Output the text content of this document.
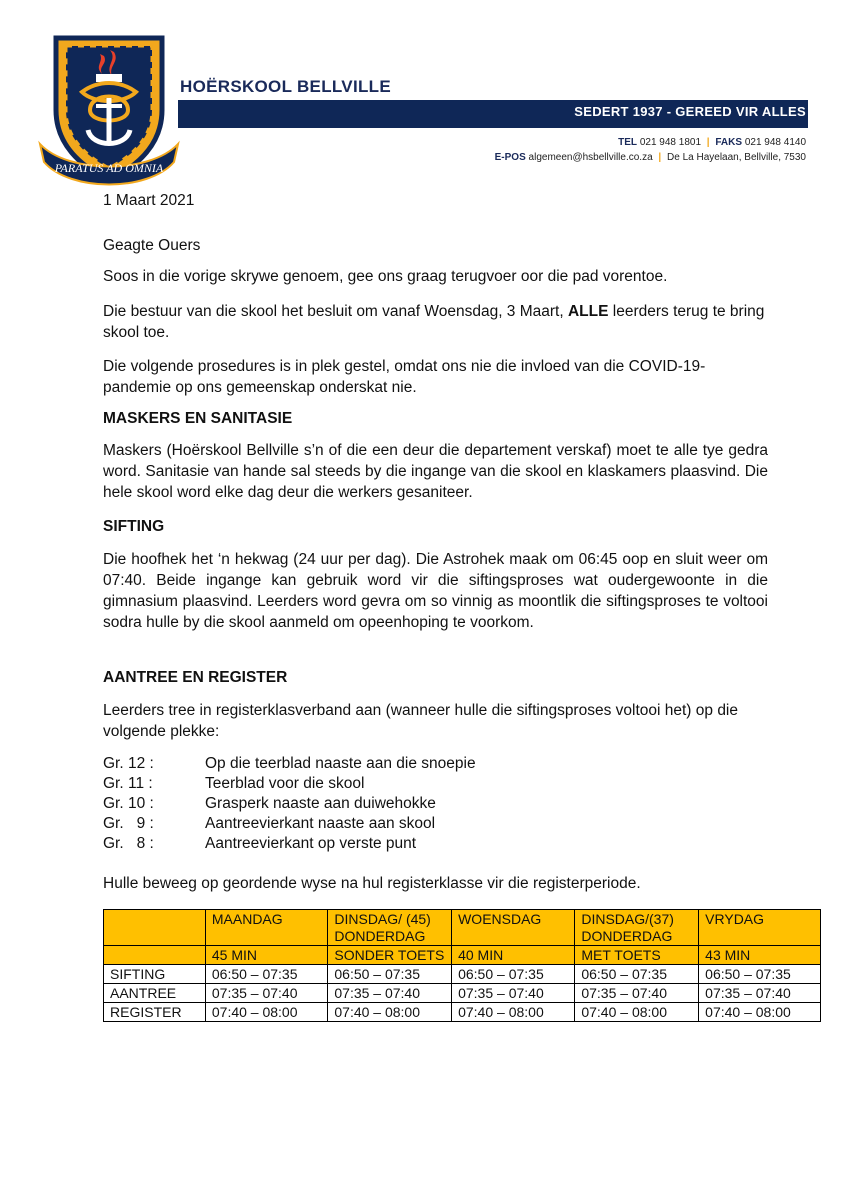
PARATUS AD OMNIA
HOËRSKOOL BELLVILLE
SEDERT 1937 - GEREED VIR ALLES
TEL 021 948 1801 | FAKS 021 948 4140
E-POS algemeen@hsbellville.co.za | De La Hayelaan, Bellville, 7530
1 Maart 2021
Geagte Ouers
Soos in die vorige skrywe genoem, gee ons graag terugvoer oor die pad vorentoe.
Die bestuur van die skool het besluit om vanaf Woensdag, 3 Maart, ALLE leerders terug te bring skool toe.
Die volgende prosedures is in plek gestel, omdat ons nie die invloed van die COVID-19-pandemie op ons gemeenskap onderskat nie.
MASKERS EN SANITASIE
Maskers (Hoërskool Bellville s’n of die een deur die departement verskaf) moet te alle tye gedra word. Sanitasie van hande sal steeds by die ingange van die skool en klaskamers plaasvind. Die hele skool word elke dag deur die werkers gesaniteer.
SIFTING
Die hoofhek het ‘n hekwag (24 uur per dag). Die Astrohek maak om 06:45 oop en sluit weer om 07:40. Beide ingange kan gebruik word vir die siftingsproses wat oudergewoonte in die gimnasium plaasvind. Leerders word gevra om so vinnig as moontlik die siftingsproses te voltooi sodra hulle by die skool aanmeld om opeenhoping te voorkom.
AANTREE EN REGISTER
Leerders tree in registerklasverband aan (wanneer hulle die siftingsproses voltooi het) op die volgende plekke:
Gr. 12 :	Op die teerblad naaste aan die snoepie
Gr. 11 :	Teerblad voor die skool
Gr. 10 :	Grasperk naaste aan duiwehokke
Gr.   9 :	Aantreevierkant naaste aan skool
Gr.   8 :	Aantreevierkant op verste punt
Hulle beweeg op geordende wyse na hul registerklasse vir die registerperiode.
	MAANDAG	DINSDAG/ (45) DONDERDAG	WOENSDAG	DINSDAG/(37) DONDERDAG	VRYDAG
	45 MIN	SONDER TOETS	40 MIN	MET TOETS	43 MIN
SIFTING	06:50 – 07:35	06:50 – 07:35	06:50 – 07:35	06:50 – 07:35	06:50 – 07:35
AANTREE	07:35 – 07:40	07:35 – 07:40	07:35 – 07:40	07:35 – 07:40	07:35 – 07:40
REGISTER	07:40 – 08:00	07:40 – 08:00	07:40 – 08:00	07:40 – 08:00	07:40 – 08:00
